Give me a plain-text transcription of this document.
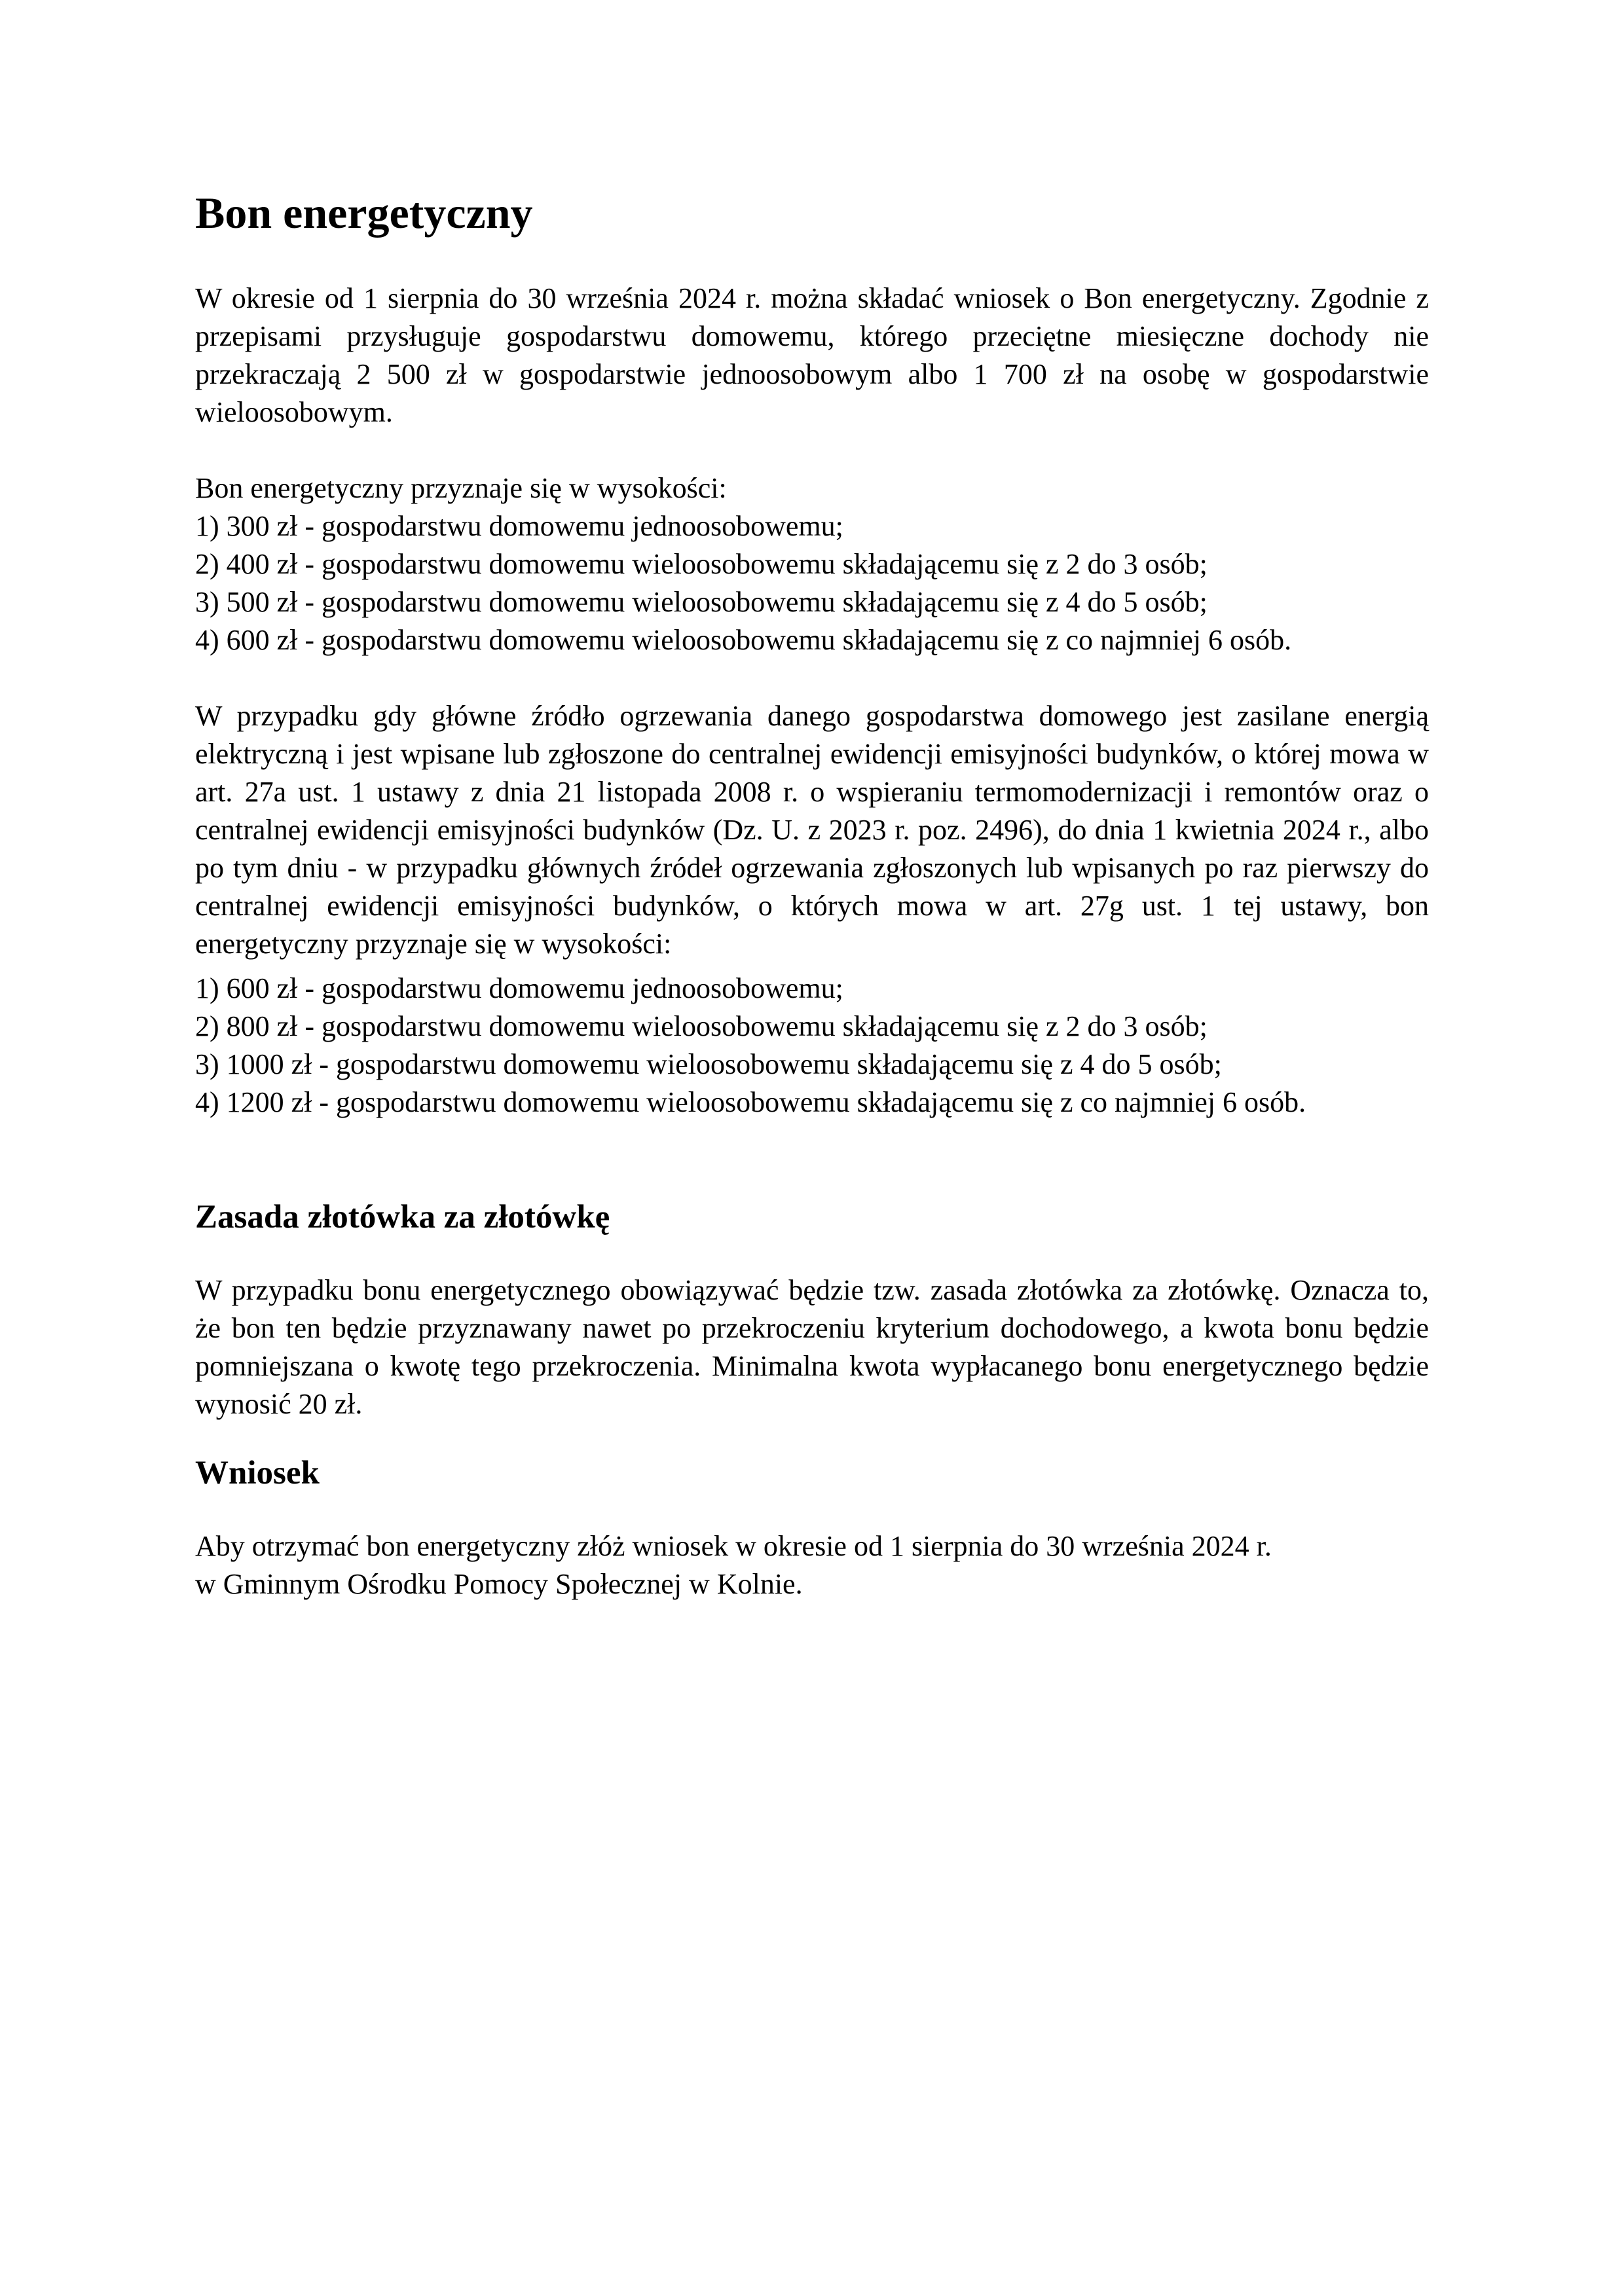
Bon energetyczny

W okresie od 1 sierpnia do 30 września 2024 r. można składać wniosek o Bon energetyczny. Zgodnie z przepisami przysługuje gospodarstwu domowemu, którego przeciętne miesięczne dochody nie przekraczają 2 500 zł w gospodarstwie jednoosobowym albo 1 700 zł na osobę w gospodarstwie wieloosobowym.

Bon energetyczny przyznaje się w wysokości:

1) 300 zł - gospodarstwu domowemu jednoosobowemu;
2) 400 zł - gospodarstwu domowemu wieloosobowemu składającemu się z 2 do 3 osób;
3) 500 zł - gospodarstwu domowemu wieloosobowemu składającemu się z 4 do 5 osób;
4) 600 zł - gospodarstwu domowemu wieloosobowemu składającemu się z co najmniej 6 osób.

W przypadku gdy główne źródło ogrzewania danego gospodarstwa domowego jest zasilane energią elektryczną i jest wpisane lub zgłoszone do centralnej ewidencji emisyjności budynków, o której mowa w art. 27a ust. 1 ustawy z dnia 21 listopada 2008 r. o wspieraniu termomodernizacji i remontów oraz o centralnej ewidencji emisyjności budynków (Dz. U. z 2023 r. poz. 2496), do dnia 1 kwietnia 2024 r., albo po tym dniu - w przypadku głównych źródeł ogrzewania zgłoszonych lub wpisanych po raz pierwszy do centralnej ewidencji emisyjności budynków, o których mowa w art. 27g ust. 1 tej ustawy, bon energetyczny przyznaje się w wysokości:

1) 600 zł - gospodarstwu domowemu jednoosobowemu;
2) 800 zł - gospodarstwu domowemu wieloosobowemu składającemu się z 2 do 3 osób;
3) 1000 zł - gospodarstwu domowemu wieloosobowemu składającemu się z 4 do 5 osób;
4) 1200 zł - gospodarstwu domowemu wieloosobowemu składającemu się z co najmniej 6 osób.
Zasada złotówka za złotówkę

W przypadku bonu energetycznego obowiązywać będzie tzw. zasada złotówka za złotówkę. Oznacza to, że bon ten będzie przyznawany nawet po przekroczeniu kryterium dochodowego, a kwota bonu będzie pomniejszana o kwotę tego przekroczenia. Minimalna kwota wypłacanego bonu energetycznego będzie wynosić 20 zł.

Wniosek

Aby otrzymać bon energetyczny złóż wniosek w okresie od 1 sierpnia do 30 września 2024 r.
w Gminnym Ośrodku Pomocy Społecznej w Kolnie.
